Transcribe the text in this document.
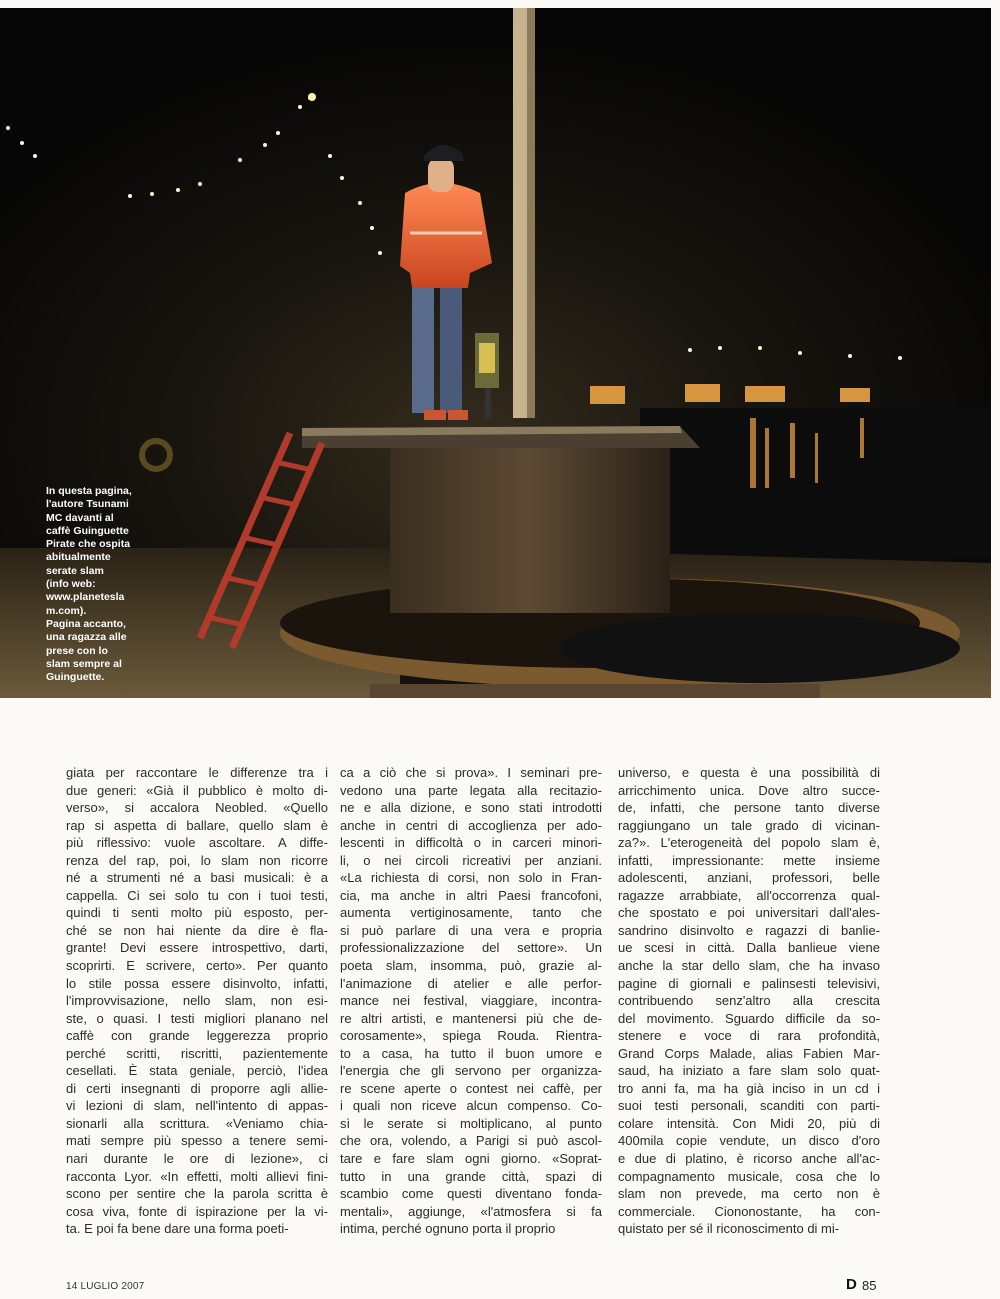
In questa pagina,
l'autore Tsunami
MC davanti al
caffè Guinguette
Pirate che ospita
abitualmente
serate slam
(info web:
www.planetesla
m.com).
Pagina accanto,
una ragazza alle
prese con lo
slam sempre al
Guinguette.
giata per raccontare le differenze tra i
due generi: «Già il pubblico è molto di-
verso», si accalora Neobled. «Quello
rap si aspetta di ballare, quello slam è
più riflessivo: vuole ascoltare. A diffe-
renza del rap, poi, lo slam non ricorre
né a strumenti né a basi musicali: è a
cappella. Ci sei solo tu con i tuoi testi,
quindi ti senti molto più esposto, per-
ché se non hai niente da dire è fla-
grante! Devi essere introspettivo, darti,
scoprirti. E scrivere, certo». Per quanto
lo stile possa essere disinvolto, infatti,
l'improvvisazione, nello slam, non esi-
ste, o quasi. I testi migliori planano nel
caffè con grande leggerezza proprio
perché scritti, riscritti, pazientemente
cesellati. È stata geniale, perciò, l'idea
di certi insegnanti di proporre agli allie-
vi lezioni di slam, nell'intento di appas-
sionarli alla scrittura. «Veniamo chia-
mati sempre più spesso a tenere semi-
nari durante le ore di lezione», ci
racconta Lyor. «In effetti, molti allievi fini-
scono per sentire che la parola scritta è
cosa viva, fonte di ispirazione per la vi-
ta. E poi fa bene dare una forma poeti-
ca a ciò che si prova». I seminari pre-
vedono una parte legata alla recitazio-
ne e alla dizione, e sono stati introdotti
anche in centri di accoglienza per ado-
lescenti in difficoltà o in carceri minori-
li, o nei circoli ricreativi per anziani.
«La richiesta di corsi, non solo in Fran-
cia, ma anche in altri Paesi francofoni,
aumenta vertiginosamente, tanto che
si può parlare di una vera e propria
professionalizzazione del settore». Un
poeta slam, insomma, può, grazie al-
l'animazione di atelier e alle perfor-
mance nei festival, viaggiare, incontra-
re altri artisti, e mantenersi più che de-
corosamente», spiega Rouda. Rientra-
to a casa, ha tutto il buon umore e
l'energia che gli servono per organizza-
re scene aperte o contest nei caffè, per
i quali non riceve alcun compenso. Co-
sì le serate si moltiplicano, al punto
che ora, volendo, a Parigi si può ascol-
tare e fare slam ogni giorno. «Soprat-
tutto in una grande città, spazi di
scambio come questi diventano fonda-
mentali», aggiunge, «l'atmosfera si fa
intima, perché ognuno porta il proprio
universo, e questa è una possibilità di
arricchimento unica. Dove altro succe-
de, infatti, che persone tanto diverse
raggiungano un tale grado di vicinan-
za?». L'eterogeneità del popolo slam è,
infatti, impressionante: mette insieme
adolescenti, anziani, professori, belle
ragazze arrabbiate, all'occorrenza qual-
che spostato e poi universitari dall'ales-
sandrino disinvolto e ragazzi di banlie-
ue scesi in città. Dalla banlieue viene
anche la star dello slam, che ha invaso
pagine di giornali e palinsesti televisivi,
contribuendo senz'altro alla crescita
del movimento. Sguardo difficile da so-
stenere e voce di rara profondità,
Grand Corps Malade, alias Fabien Mar-
saud, ha iniziato a fare slam solo quat-
tro anni fa, ma ha già inciso in un cd i
suoi testi personali, scanditi con parti-
colare intensità. Con Midi 20, più di
400mila copie vendute, un disco d'oro
e due di platino, è ricorso anche all'ac-
compagnamento musicale, cosa che lo
slam non prevede, ma certo non è
commerciale. Ciononostante, ha con-
quistato per sé il riconoscimento di mi-
14 LUGLIO 2007	D 85
